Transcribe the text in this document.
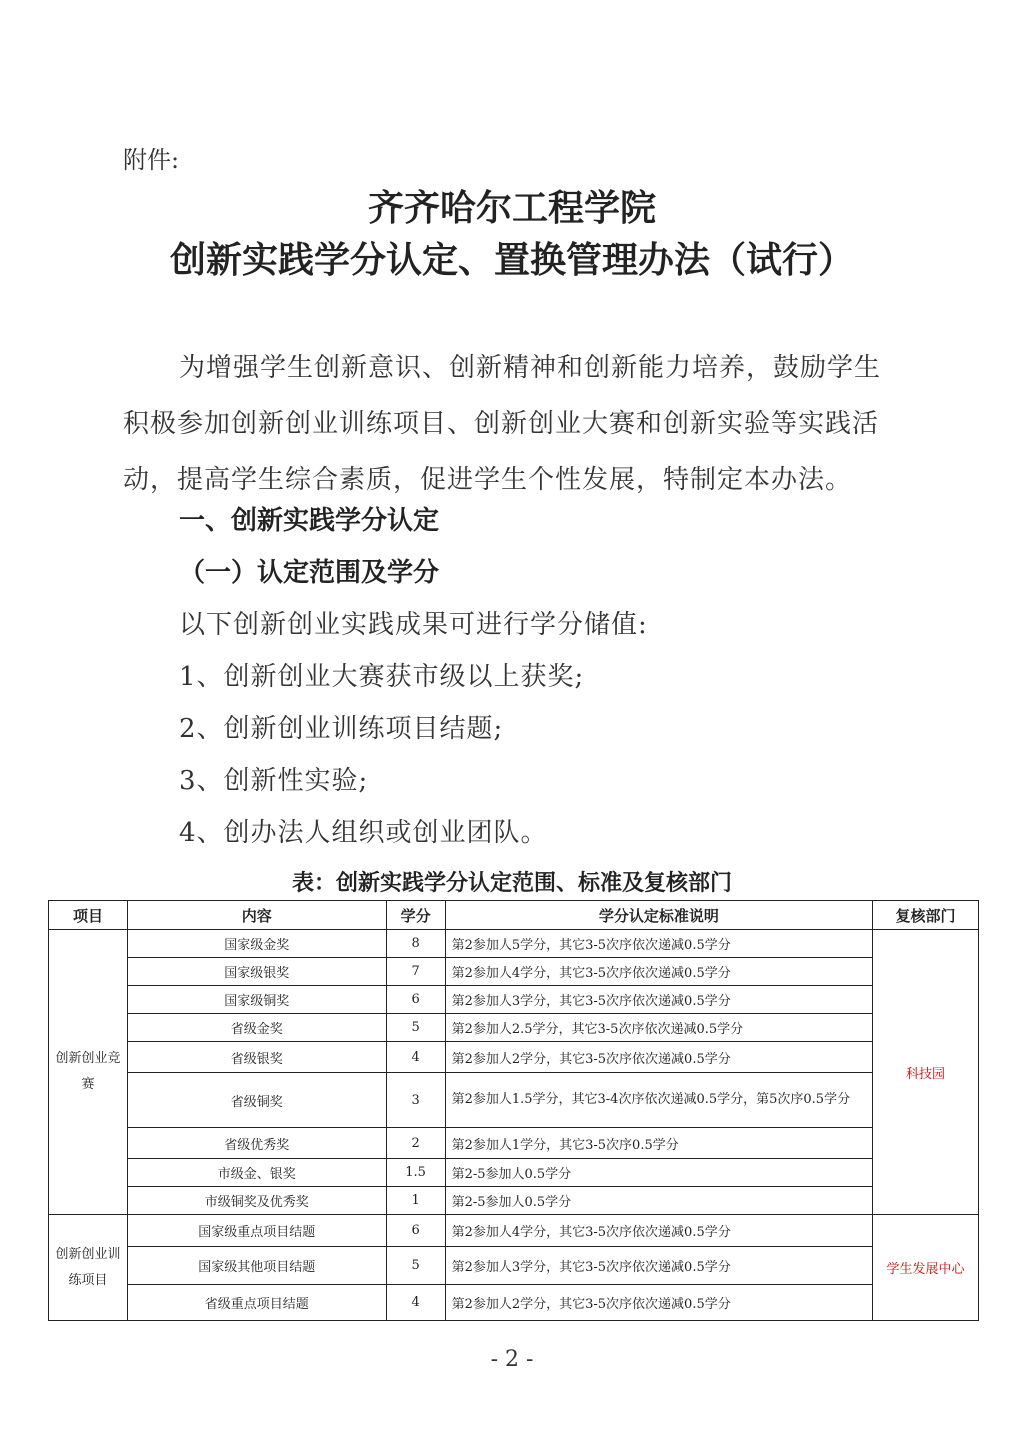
附件:
齐齐哈尔工程学院
创新实践学分认定、置换管理办法（试行）
为增强学生创新意识、创新精神和创新能力培养，鼓励学生积极参加创新创业训练项目、创新创业大赛和创新实验等实践活动，提高学生综合素质，促进学生个性发展，特制定本办法。
一、创新实践学分认定
（一）认定范围及学分
以下创新创业实践成果可进行学分储值:
1、创新创业大赛获市级以上获奖;
2、创新创业训练项目结题;
3、创新性实验;
4、创办法人组织或创业团队。
表：创新实践学分认定范围、标准及复核部门
项目	内容	学分	学分认定标准说明	复核部门
创新创业竞赛	国家级金奖	8	第2参加人5学分，其它3-5次序依次递减0.5学分	科技园
	国家级银奖	7	第2参加人4学分，其它3-5次序依次递减0.5学分	
	国家级铜奖	6	第2参加人3学分，其它3-5次序依次递减0.5学分	
	省级金奖	5	第2参加人2.5学分，其它3-5次序依次递减0.5学分	
	省级银奖	4	第2参加人2学分，其它3-5次序依次递减0.5学分	
	省级铜奖	3	第2参加人1.5学分，其它3-4次序依次递减0.5学分，第5次序0.5学分	
	省级优秀奖	2	第2参加人1学分，其它3-5次序0.5学分	
	市级金、银奖	1.5	第2-5参加人0.5学分	
	市级铜奖及优秀奖	1	第2-5参加人0.5学分	
创新创业训练项目	国家级重点项目结题	6	第2参加人4学分，其它3-5次序依次递减0.5学分	学生发展中心
	国家级其他项目结题	5	第2参加人3学分，其它3-5次序依次递减0.5学分	
	省级重点项目结题	4	第2参加人2学分，其它3-5次序依次递减0.5学分	
- 2 -
